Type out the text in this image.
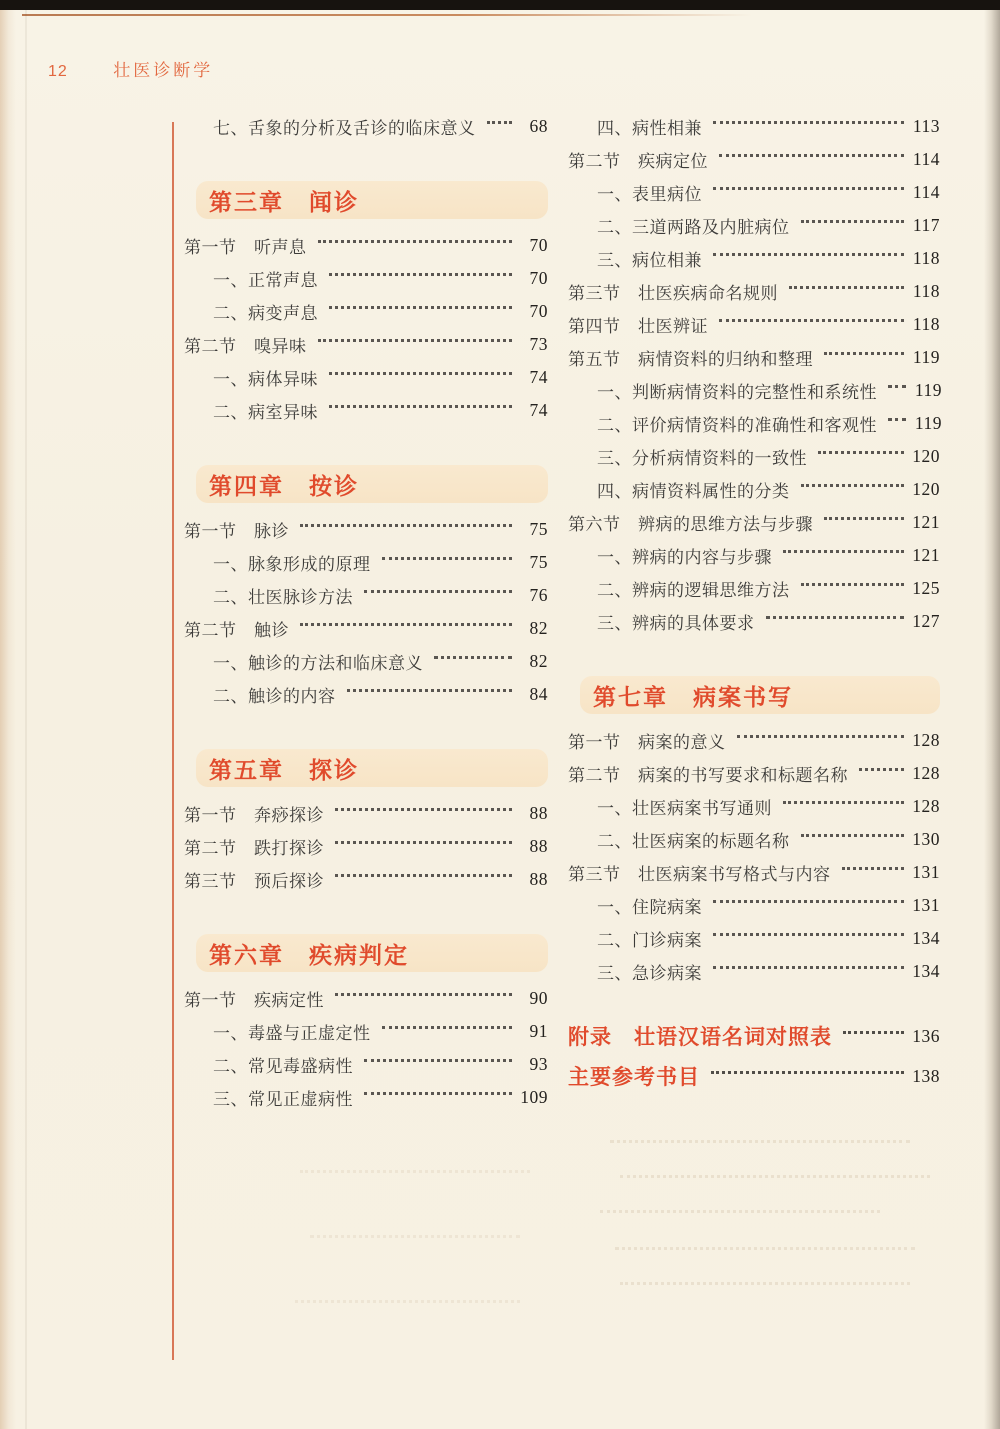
12	壮医诊断学
七、舌象的分析及舌诊的临床意义	68
第三章　闻诊
第一节　听声息	70
一、正常声息	70
二、病变声息	70
第二节　嗅异味	73
一、病体异味	74
二、病室异味	74
第四章　按诊
第一节　脉诊	75
一、脉象形成的原理	75
二、壮医脉诊方法	76
第二节　触诊	82
一、触诊的方法和临床意义	82
二、触诊的内容	84
第五章　探诊
第一节　奔痧探诊	88
第二节　跌打探诊	88
第三节　预后探诊	88
第六章　疾病判定
第一节　疾病定性	90
一、毒盛与正虚定性	91
二、常见毒盛病性	93
三、常见正虚病性	109
四、病性相兼	113
第二节　疾病定位	114
一、表里病位	114
二、三道两路及内脏病位	117
三、病位相兼	118
第三节　壮医疾病命名规则	118
第四节　壮医辨证	118
第五节　病情资料的归纳和整理	119
一、判断病情资料的完整性和系统性 119
二、评价病情资料的准确性和客观性 119
三、分析病情资料的一致性	120
四、病情资料属性的分类	120
第六节　辨病的思维方法与步骤	121
一、辨病的内容与步骤	121
二、辨病的逻辑思维方法	125
三、辨病的具体要求	127
第七章　病案书写
第一节　病案的意义	128
第二节　病案的书写要求和标题名称	128
一、壮医病案书写通则	128
二、壮医病案的标题名称	130
第三节　壮医病案书写格式与内容	131
一、住院病案	131
二、门诊病案	134
三、急诊病案	134
附录　壮语汉语名词对照表	136
主要参考书目	138
